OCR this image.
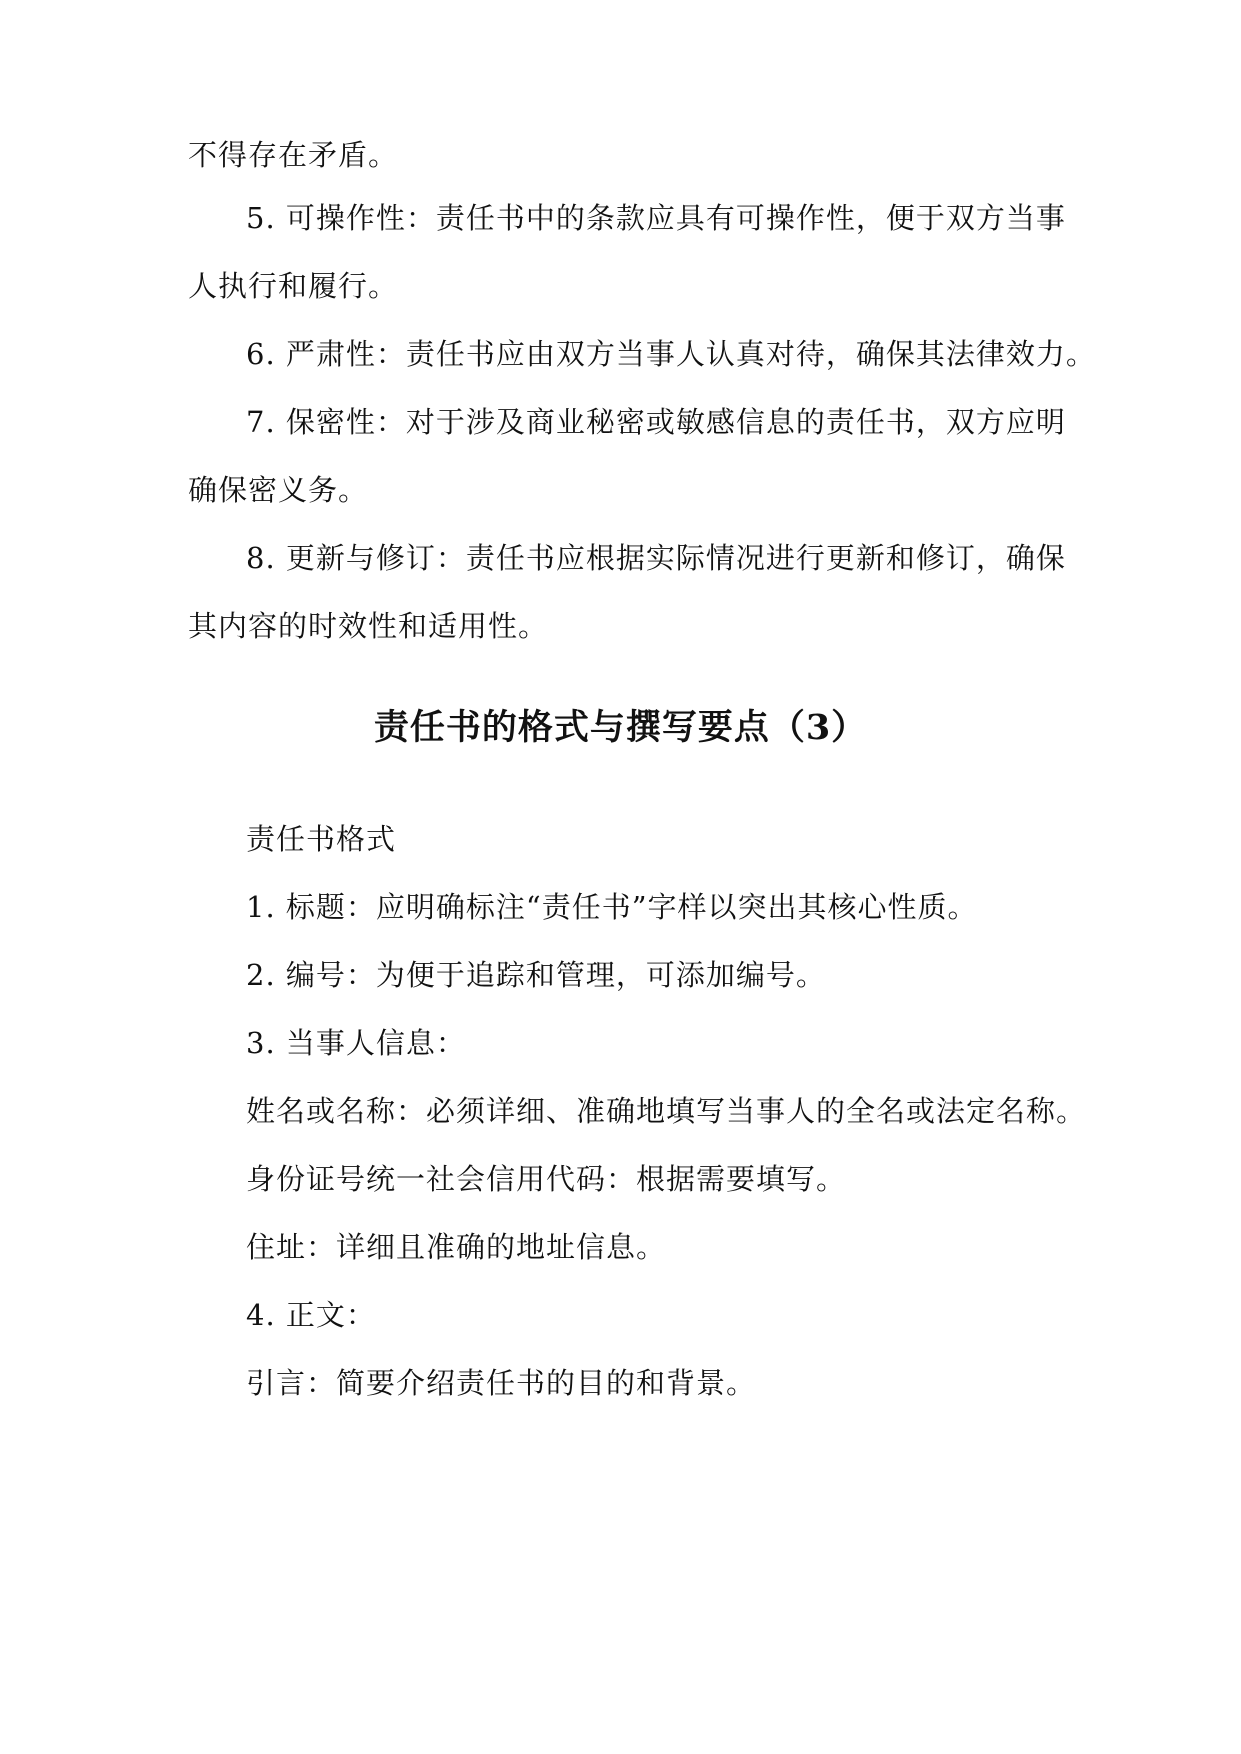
不得存在矛盾。
5. 可操作性：责任书中的条款应具有可操作性，便于双方当事
人执行和履行。
6. 严肃性：责任书应由双方当事人认真对待，确保其法律效力。
7. 保密性：对于涉及商业秘密或敏感信息的责任书，双方应明
确保密义务。
8. 更新与修订：责任书应根据实际情况进行更新和修订，确保
其内容的时效性和适用性。
责任书的格式与撰写要点（3）
责任书格式
1. 标题：应明确标注“责任书”字样以突出其核心性质。
2. 编号：为便于追踪和管理，可添加编号。
3. 当事人信息：
姓名或名称：必须详细、准确地填写当事人的全名或法定名称。
身份证号统一社会信用代码：根据需要填写。
住址：详细且准确的地址信息。
4. 正文：
引言：简要介绍责任书的目的和背景。
